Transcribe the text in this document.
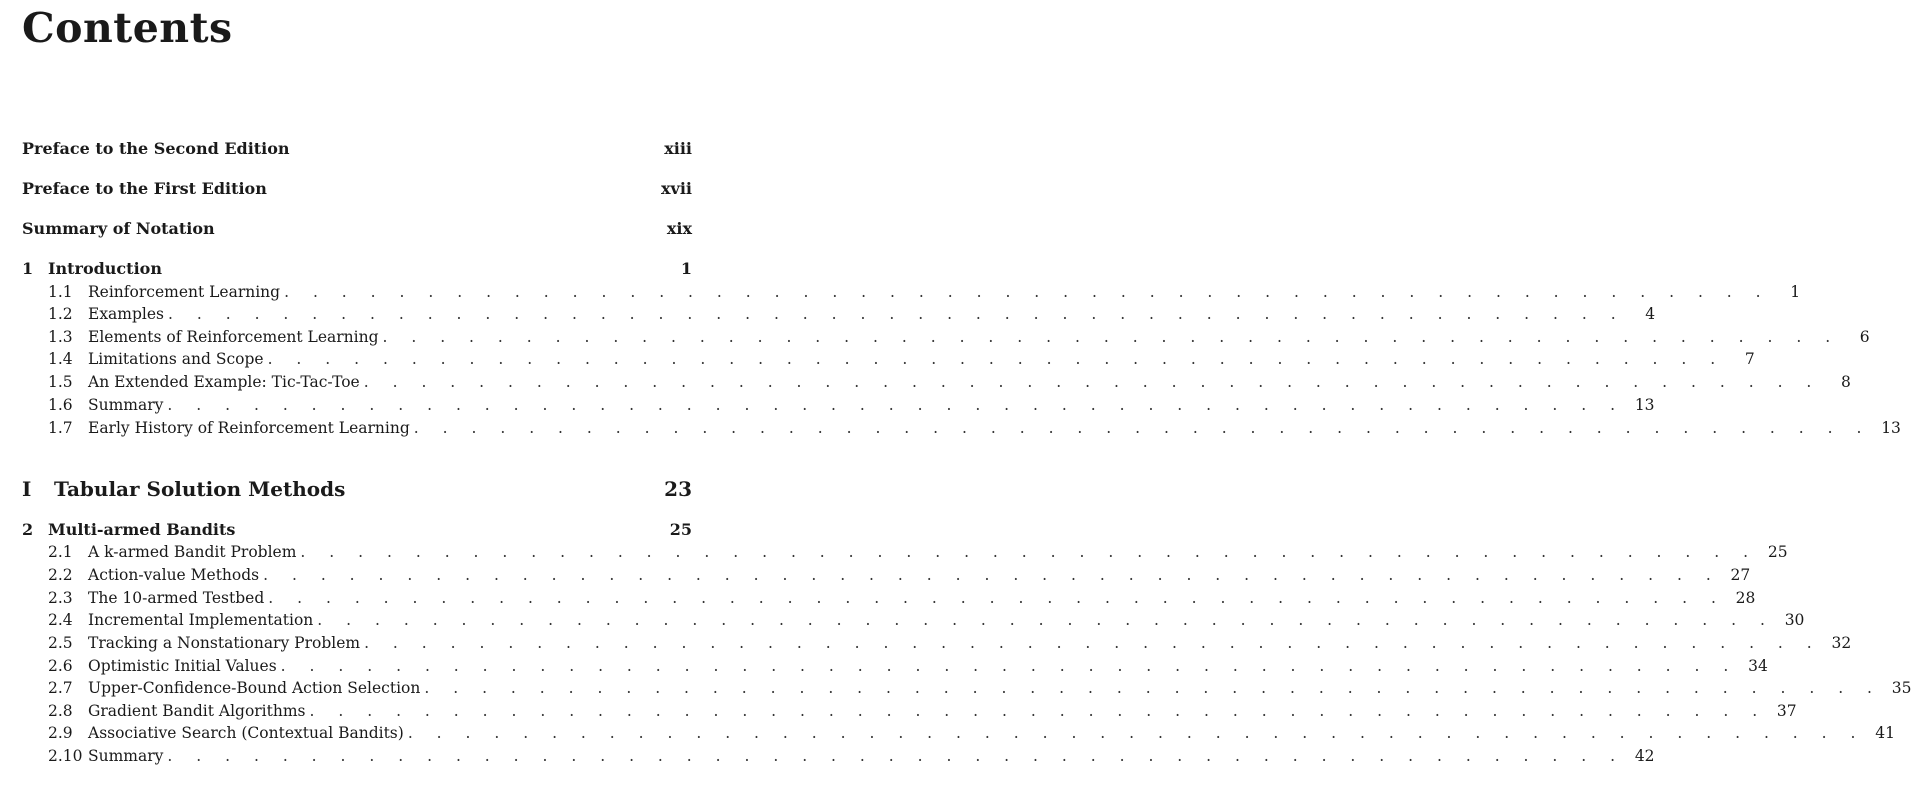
Contents
Preface to the Second Edition	xiii
Preface to the First Edition	xvii
Summary of Notation	xix
1 Introduction	1
1.1 Reinforcement Learning . . . . . . . . . . . . . . . . . . . . . . . . . . . . . . . . . . . . . . . . . . . . . . . . . . . .	1
1.2 Examples . . . . . . . . . . . . . . . . . . . . . . . . . . . . . . . . . . . . . . . . . . . . . . . . . . .	4
1.3 Elements of Reinforcement Learning . . . . . . . . . . . . . . . . . . . . . . . . . . . . . . . . . . . . . . . . . . . . . . . . . . .	6
1.4 Limitations and Scope . . . . . . . . . . . . . . . . . . . . . . . . . . . . . . . . . . . . . . . . . . . . . . . . . . .	7
1.5 An Extended Example: Tic-Tac-Toe . . . . . . . . . . . . . . . . . . . . . . . . . . . . . . . . . . . . . . . . . . . . . . . . . . .	8
1.6 Summary . . . . . . . . . . . . . . . . . . . . . . . . . . . . . . . . . . . . . . . . . . . . . . . . . . . 13
1.7 Early History of Reinforcement Learning . . . . . . . . . . . . . . . . . . . . . . . . . . . . . . . . . . . . . . . . . . . . . . . . . . . 13
I	Tabular Solution Methods	23
2 Multi-armed Bandits	25
2.1 A k-armed Bandit Problem . . . . . . . . . . . . . . . . . . . . . . . . . . . . . . . . . . . . . . . . . . . . . . . . . . . 25
2.2 Action-value Methods . . . . . . . . . . . . . . . . . . . . . . . . . . . . . . . . . . . . . . . . . . . . . . . . . . . 27
2.3 The 10-armed Testbed . . . . . . . . . . . . . . . . . . . . . . . . . . . . . . . . . . . . . . . . . . . . . . . . . . . 28
2.4 Incremental Implementation . . . . . . . . . . . . . . . . . . . . . . . . . . . . . . . . . . . . . . . . . . . . . . . . . . . 30
2.5 Tracking a Nonstationary Problem . . . . . . . . . . . . . . . . . . . . . . . . . . . . . . . . . . . . . . . . . . . . . . . . . . . 32
2.6 Optimistic Initial Values . . . . . . . . . . . . . . . . . . . . . . . . . . . . . . . . . . . . . . . . . . . . . . . . . . . 34
2.7 Upper-Confidence-Bound Action Selection . . . . . . . . . . . . . . . . . . . . . . . . . . . . . . . . . . . . . . . . . . . . . . . . . . . 35
2.8 Gradient Bandit Algorithms . . . . . . . . . . . . . . . . . . . . . . . . . . . . . . . . . . . . . . . . . . . . . . . . . . . 37
2.9 Associative Search (Contextual Bandits) . . . . . . . . . . . . . . . . . . . . . . . . . . . . . . . . . . . . . . . . . . . . . . . . . . . 41
2.10 Summary . . . . . . . . . . . . . . . . . . . . . . . . . . . . . . . . . . . . . . . . . . . . . . . . . . . 42
